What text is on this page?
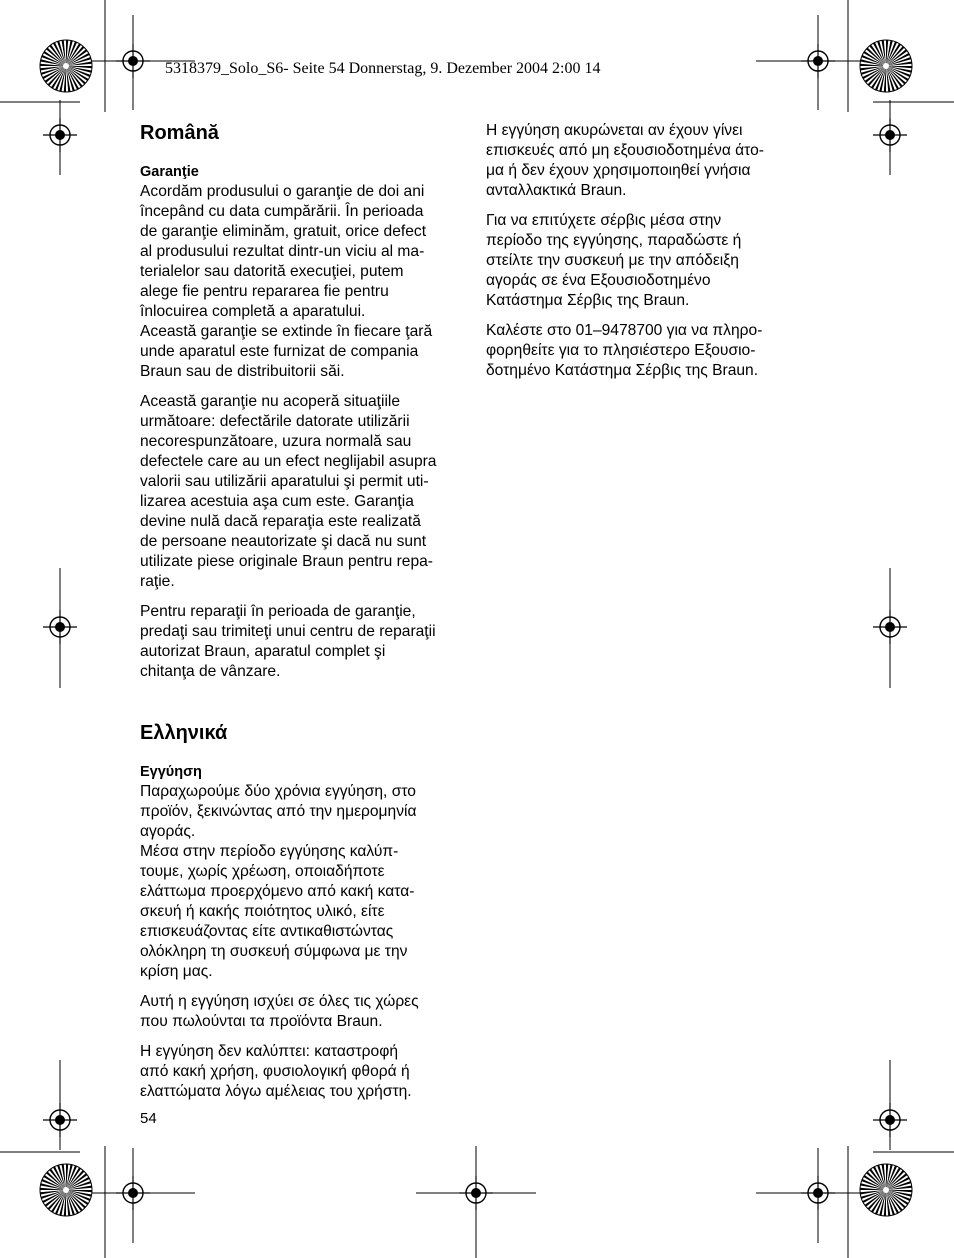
5318379_Solo_S6- Seite 54 Donnerstag, 9. Dezember 2004 2:00 14
Română
Garanţie

Acordăm produsului o garanţie de doi ani
începând cu data cumpărării. În perioada
de garanţie eliminăm, gratuit, orice defect
al produsului rezultat dintr-un viciu al ma-
terialelor sau datorită execuţiei, putem
alege fie pentru repararea fie pentru
înlocuirea completă a aparatului.
Această garanţie se extinde în fiecare ţară
unde aparatul este furnizat de compania
Braun sau de distribuitorii săi.

Această garanţie nu acoperă situaţiile
următoare: defectările datorate utilizării
necorespunzătoare, uzura normală sau
defectele care au un efect neglijabil asupra
valorii sau utilizării aparatului şi permit uti-
lizarea acestuia aşa cum este. Garanţia
devine nulă dacă reparaţia este realizată
de persoane neautorizate şi dacă nu sunt
utilizate piese originale Braun pentru repa-
raţie.

Pentru reparaţii în perioada de garanţie,
predaţi sau trimiteţi unui centru de reparaţii
autorizat Braun, aparatul complet şi
chitanţa de vânzare.

Ελληνικά
Εγγύηση

Παραχωρούμε δύο χρόνια εγγύηση, στο
προϊόν, ξεκινώντας από την ημερομηνία
αγοράς.
Μέσα στην περίοδο εγγύησης καλύπ-
τουμε, χωρίς χρέωση, οποιαδήποτε
ελάττωμα προερχόμενο από κακή κατα-
σκευή ή κακής ποιότητος υλικό, είτε
επισκευάζοντας είτε αντικαθιστώντας
ολόκληρη τη συσκευή σύμφωνα με την
κρίση μας.

Αυτή η εγγύηση ισχύει σε όλες τις χώρες
που πωλούνται τα προϊόντα Braun.

Η εγγύηση δεν καλύπτει: καταστροφή
από κακή χρήση, φυσιολογική φθορά ή
ελαττώματα λόγω αμέλειας του χρήστη.

Η εγγύηση ακυρώνεται αν έχουν γίνει
επισκευές από μη εξουσιοδοτημένα άτο-
μα ή δεν έχουν χρησιμοποιηθεί γνήσια
ανταλλακτικά Braun.

Για να επιτύχετε σέρβις μέσα στην
περίοδο της εγγύησης, παραδώστε ή
στείλτε την συσκευή με την απόδειξη
αγοράς σε ένα Εξουσιοδοτημένο
Κατάστημα Σέρβις της Braun.

Καλέστε στο 01–9478700 για να πληρο-
φορηθείτε για το πλησιέστερο Εξουσιο-
δοτημένο Κατάστημα Σέρβις της Braun.

54
